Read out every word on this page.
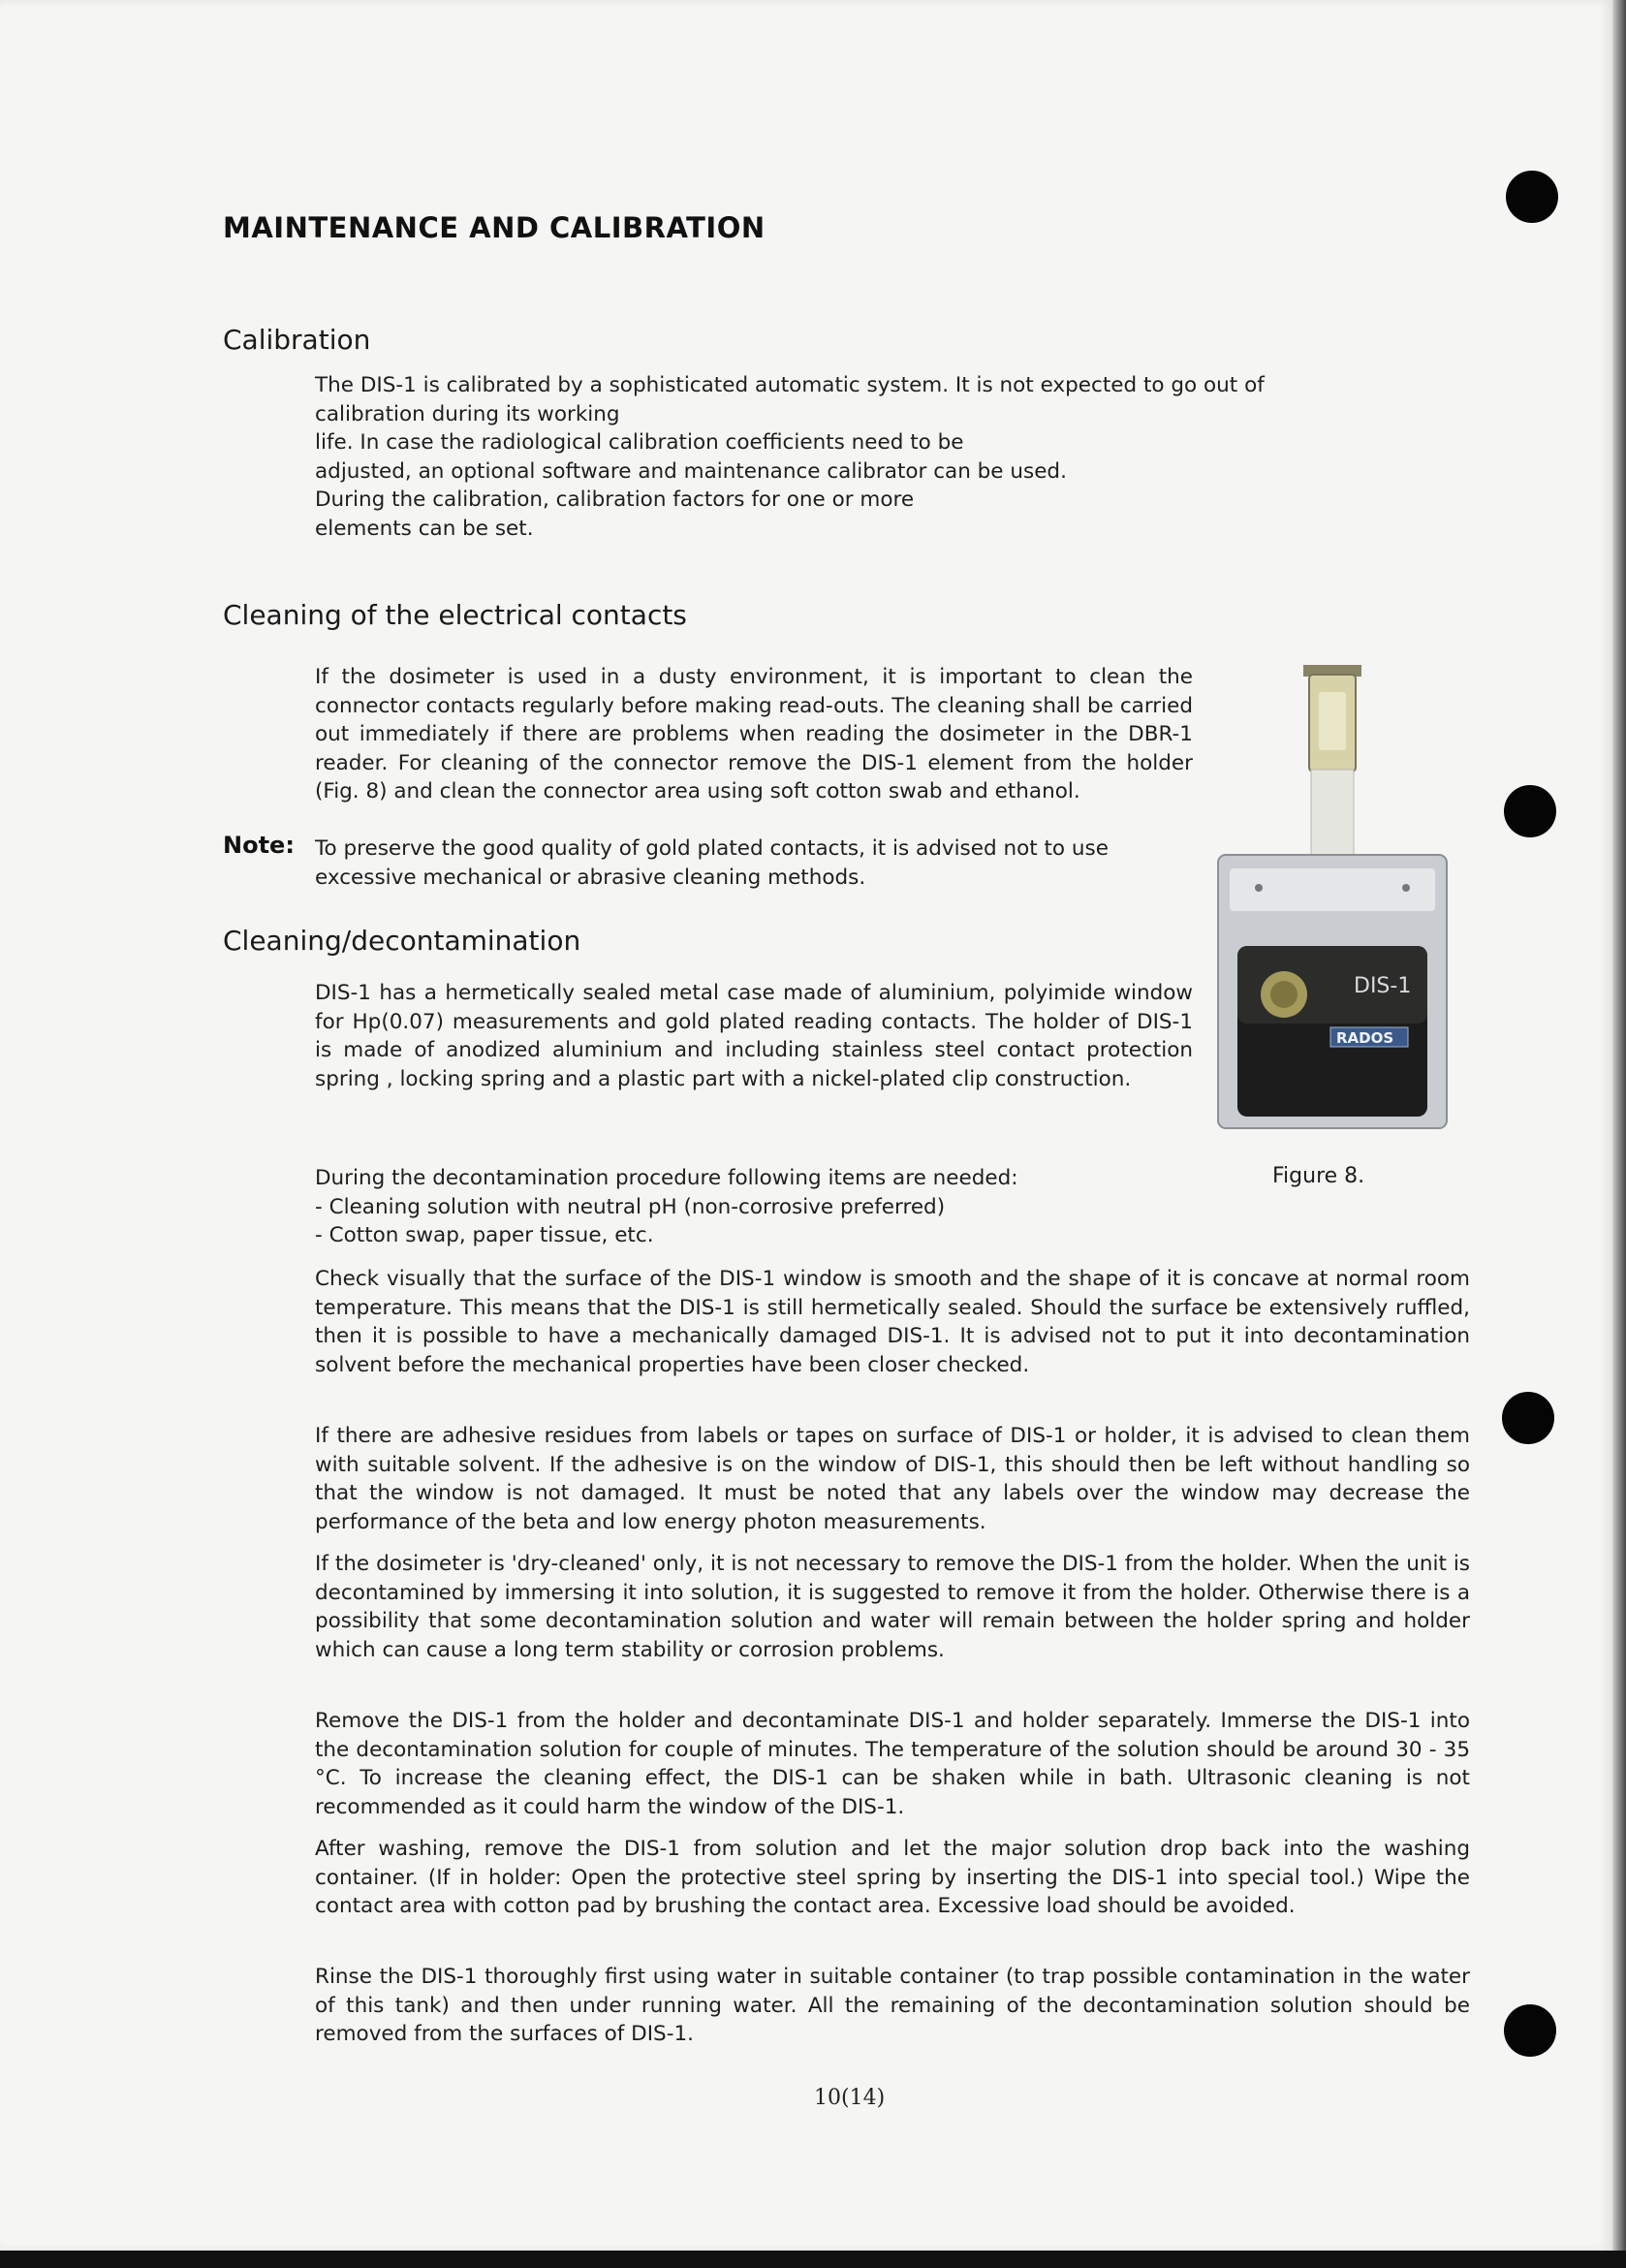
MAINTENANCE AND CALIBRATION
Calibration

The DIS-1 is calibrated by a sophisticated automatic system. It is not expected to go out of
calibration during its working
life. In case the radiological calibration coefficients need to be
adjusted, an optional software and maintenance calibrator can be used.
During the calibration, calibration factors for one or more
elements can be set.

Cleaning of the electrical contacts

If the dosimeter is used in a dusty environment, it is important to clean the connector contacts regularly before making read-outs. The cleaning shall be carried out immediately if there are problems when reading the dosimeter in the DBR-1 reader. For cleaning of the connector remove the DIS-1 element from the holder (Fig. 8) and clean the connector area using soft cotton swab and ethanol.

Note: To preserve the good quality of gold plated contacts, it is advised not to use excessive mechanical or abrasive cleaning methods.

DIS-1
RADOS
Cleaning/decontamination

DIS-1 has a hermetically sealed metal case made of aluminium, polyimide window for Hp(0.07) measurements and gold plated reading contacts. The holder of DIS-1 is made of anodized aluminium and including stainless steel contact protection spring , locking spring and a plastic part with a nickel-plated clip construction.

During the decontamination procedure following items are needed:
- Cleaning solution with neutral pH (non-corrosive preferred)
- Cotton swap, paper tissue, etc.

Figure 8.

Check visually that the surface of the DIS-1 window is smooth and the shape of it is concave at normal room temperature. This means that the DIS-1 is still hermetically sealed. Should the surface be extensively ruffled, then it is possible to have a mechanically damaged DIS-1. It is advised not to put it into decontamination solvent before the mechanical properties have been closer checked.

If there are adhesive residues from labels or tapes on surface of DIS-1 or holder, it is advised to clean them with suitable solvent. If the adhesive is on the window of DIS-1, this should then be left without handling so that the window is not damaged. It must be noted that any labels over the window may decrease the performance of the beta and low energy photon measurements.

If the dosimeter is 'dry-cleaned' only, it is not necessary to remove the DIS-1 from the holder. When the unit is decontamined by immersing it into solution, it is suggested to remove it from the holder. Otherwise there is a possibility that some decontamination solution and water will remain between the holder spring and holder which can cause a long term stability or corrosion problems.

Remove the DIS-1 from the holder and decontaminate DIS-1 and holder separately. Immerse the DIS-1 into the decontamination solution for couple of minutes. The temperature of the solution should be around 30 - 35 °C. To increase the cleaning effect, the DIS-1 can be shaken while in bath. Ultrasonic cleaning is not recommended as it could harm the window of the DIS-1.

After washing, remove the DIS-1 from solution and let the major solution drop back into the washing container. (If in holder: Open the protective steel spring by inserting the DIS-1 into special tool.) Wipe the contact area with cotton pad by brushing the contact area. Excessive load should be avoided.

Rinse the DIS-1 thoroughly first using water in suitable container (to trap possible contamination in the water of this tank) and then under running water. All the remaining of the decontamination solution should be removed from the surfaces of DIS-1.

10(14)
